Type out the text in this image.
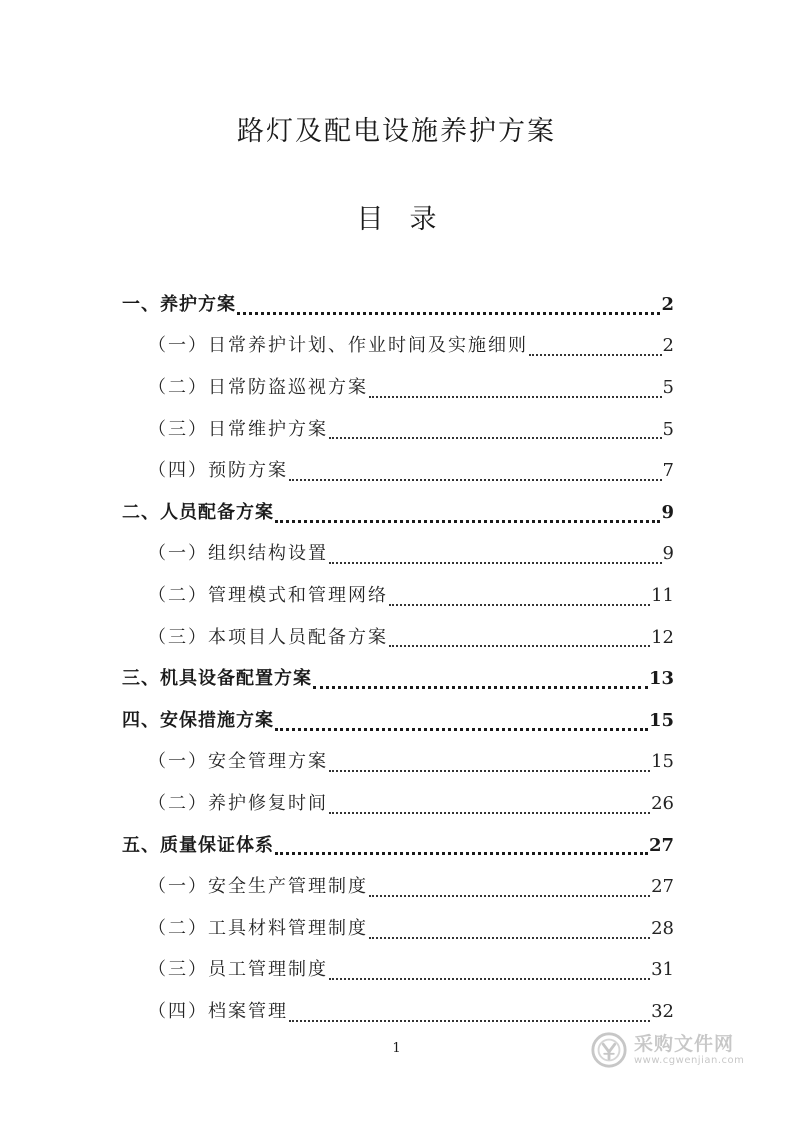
路灯及配电设施养护方案
目录
一、养护方案	2
（一）日常养护计划、作业时间及实施细则	2
（二）日常防盗巡视方案	5
（三）日常维护方案	5
（四）预防方案	7
二、人员配备方案	9
（一）组织结构设置	9
（二）管理模式和管理网络	11
（三）本项目人员配备方案	12
三、机具设备配置方案	13
四、安保措施方案	15
（一）安全管理方案	15
（二）养护修复时间	26
五、质量保证体系	27
（一）安全生产管理制度	27
（二）工具材料管理制度	28
（三）员工管理制度	31
（四）档案管理	32
1	采购文件网
www.cgwenjian.com
